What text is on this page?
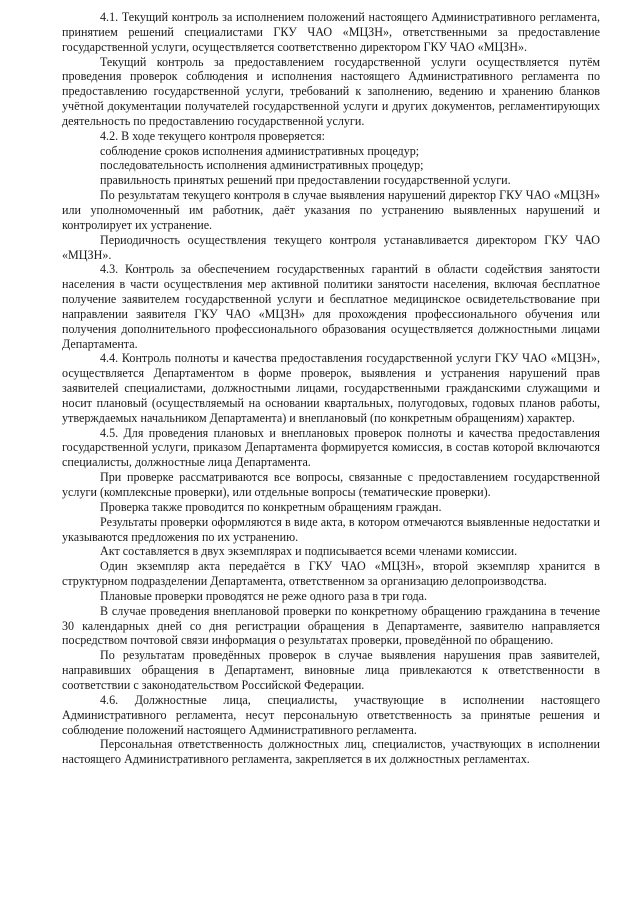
4.1. Текущий контроль за исполнением положений настоящего Административного регламента, принятием решений специалистами ГКУ ЧАО «МЦЗН», ответственными за предоставление государственной услуги, осуществляется соответственно директором ГКУ ЧАО «МЦЗН».

Текущий контроль за предоставлением государственной услуги осуществляется путём проведения проверок соблюдения и исполнения настоящего Административного регламента по предоставлению государственной услуги, требований к заполнению, ведению и хранению бланков учётной документации получателей государственной услуги и других документов, регламентирующих деятельность по предоставлению государственной услуги.

4.2. В ходе текущего контроля проверяется:

соблюдение сроков исполнения административных процедур;

последовательность исполнения административных процедур;

правильность принятых решений при предоставлении государственной услуги.

По результатам текущего контроля в случае выявления нарушений директор ГКУ ЧАО «МЦЗН» или уполномоченный им работник, даёт указания по устранению выявленных нарушений и контролирует их устранение.

Периодичность осуществления текущего контроля устанавливается директором ГКУ ЧАО «МЦЗН».

4.3. Контроль за обеспечением государственных гарантий в области содействия занятости населения в части осуществления мер активной политики занятости населения, включая бесплатное получение заявителем государственной услуги и бесплатное медицинское освидетельствование при направлении заявителя ГКУ ЧАО «МЦЗН» для прохождения профессионального обучения или получения дополнительного профессионального образования осуществляется должностными лицами Департамента.

4.4. Контроль полноты и качества предоставления государственной услуги ГКУ ЧАО «МЦЗН», осуществляется Департаментом в форме проверок, выявления и устранения нарушений прав заявителей специалистами, должностными лицами, государственными гражданскими служащими и носит плановый (осуществляемый на основании квартальных, полугодовых, годовых планов работы, утверждаемых начальником Департамента) и внеплановый (по конкретным обращениям) характер.

4.5. Для проведения плановых и внеплановых проверок полноты и качества предоставления государственной услуги, приказом Департамента формируется комиссия, в состав которой включаются специалисты, должностные лица Департамента.

При проверке рассматриваются все вопросы, связанные с предоставлением государственной услуги (комплексные проверки), или отдельные вопросы (тематические проверки).

Проверка также проводится по конкретным обращениям граждан.

Результаты проверки оформляются в виде акта, в котором отмечаются выявленные недостатки и указываются предложения по их устранению.

Акт составляется в двух экземплярах и подписывается всеми членами комиссии.

Один экземпляр акта передаётся в ГКУ ЧАО «МЦЗН», второй экземпляр хранится в структурном подразделении Департамента, ответственном за организацию делопроизводства.

Плановые проверки проводятся не реже одного раза в три года.

В случае проведения внеплановой проверки по конкретному обращению гражданина в течение 30 календарных дней со дня регистрации обращения в Департаменте, заявителю направляется посредством почтовой связи информация о результатах проверки, проведённой по обращению.

По результатам проведённых проверок в случае выявления нарушения прав заявителей, направивших обращения в Департамент, виновные лица привлекаются к ответственности в соответствии с законодательством Российской Федерации.

4.6. Должностные лица, специалисты, участвующие в исполнении настоящего Административного регламента, несут персональную ответственность за принятые решения и соблюдение положений настоящего Административного регламента.

Персональная ответственность должностных лиц, специалистов, участвующих в исполнении настоящего Административного регламента, закрепляется в их должностных регламентах.
